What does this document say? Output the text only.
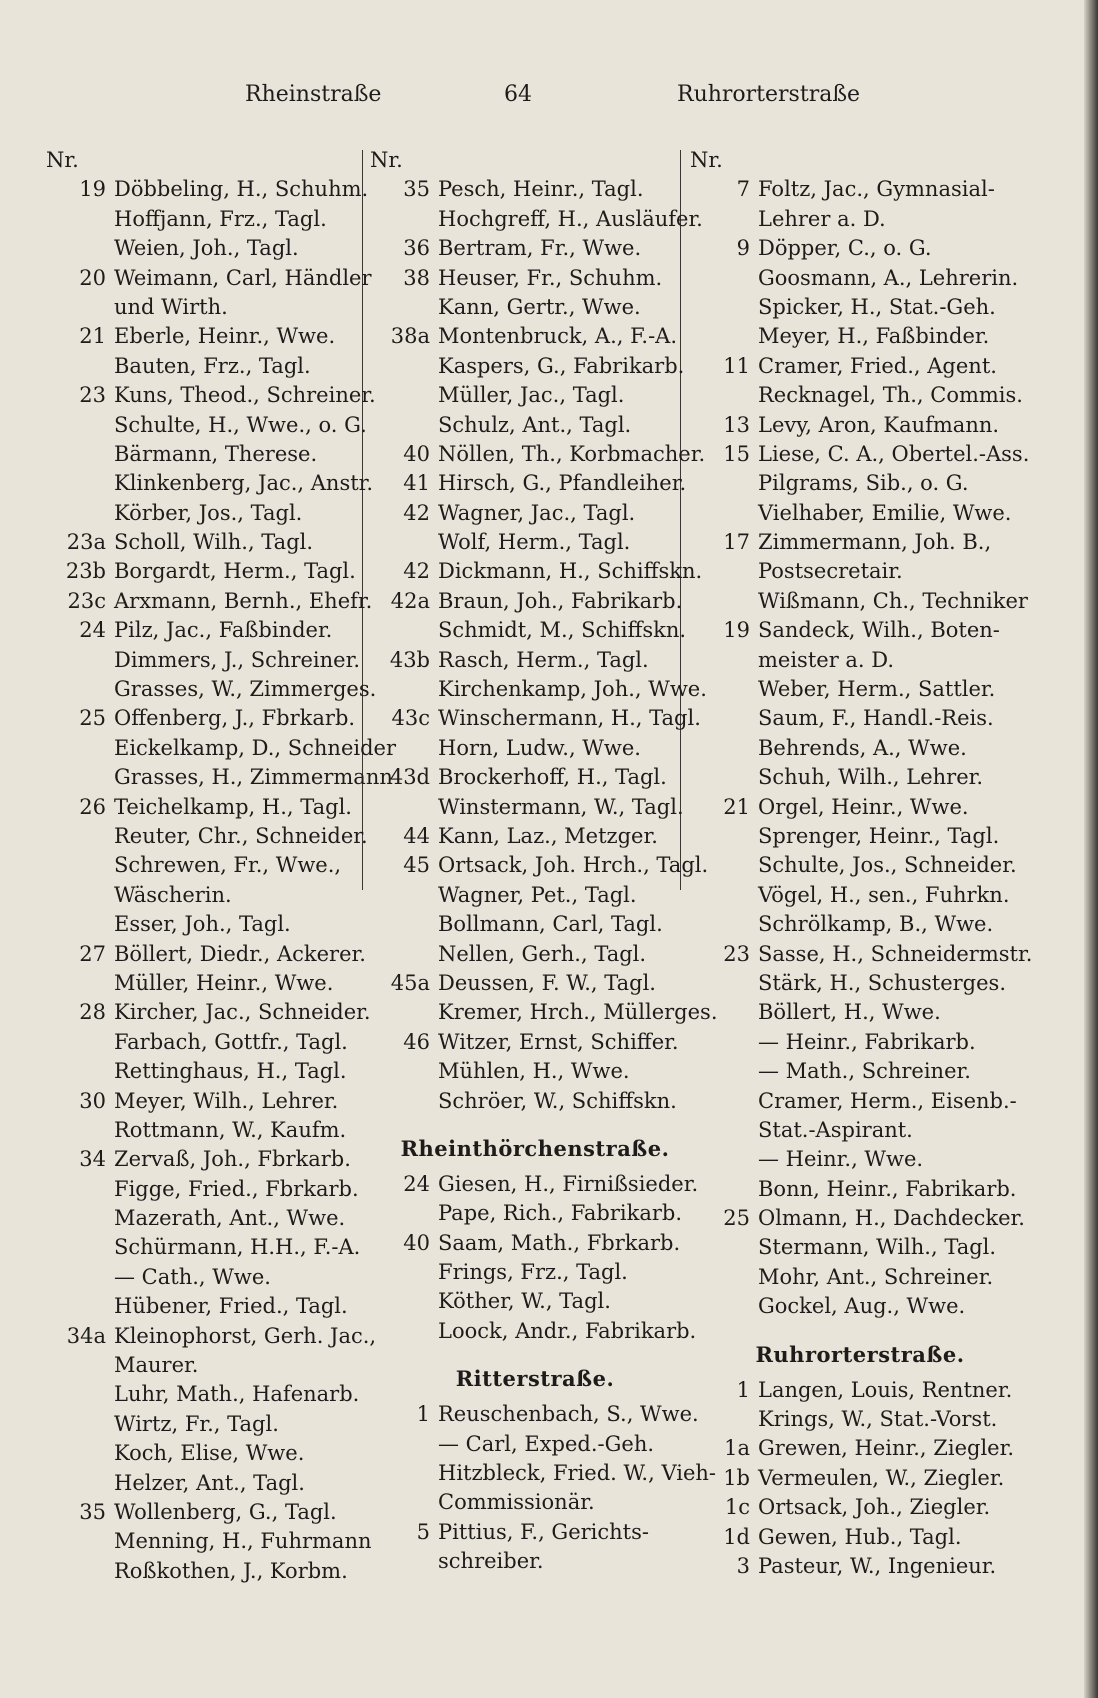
Rheinstraße	64	Ruhrorterstraße
Nr.
19 Döbbeling, H., Schuhm.
Hoffjann, Frz., Tagl.
Weien, Joh., Tagl.
20 Weimann, Carl, Händler
und Wirth.
21 Eberle, Heinr., Wwe.
Bauten, Frz., Tagl.
23 Kuns, Theod., Schreiner.
Schulte, H., Wwe., o. G.
Bärmann, Therese.
Klinkenberg, Jac., Anstr.
Körber, Jos., Tagl.
23a Scholl, Wilh., Tagl.
23b Borgardt, Herm., Tagl.
23c Arxmann, Bernh., Ehefr.
24 Pilz, Jac., Faßbinder.
Dimmers, J., Schreiner.
Grasses, W., Zimmerges.
25 Offenberg, J., Fbrkarb.
Eickelkamp, D., Schneider
Grasses, H., Zimmermann
26 Teichelkamp, H., Tagl.
Reuter, Chr., Schneider.
Schrewen, Fr., Wwe.,
Wäscherin.
Esser, Joh., Tagl.
27 Böllert, Diedr., Ackerer.
Müller, Heinr., Wwe.
28 Kircher, Jac., Schneider.
Farbach, Gottfr., Tagl.
Rettinghaus, H., Tagl.
30 Meyer, Wilh., Lehrer.
Rottmann, W., Kaufm.
34 Zervaß, Joh., Fbrkarb.
Figge, Fried., Fbrkarb.
Mazerath, Ant., Wwe.
Schürmann, H.H., F.-A.
— Cath., Wwe.
Hübener, Fried., Tagl.
34a Kleinophorst, Gerh. Jac.,
Maurer.
Luhr, Math., Hafenarb.
Wirtz, Fr., Tagl.
Koch, Elise, Wwe.
Helzer, Ant., Tagl.
35 Wollenberg, G., Tagl.
Menning, H., Fuhrmann
Roßkothen, J., Korbm.
Nr.
35 Pesch, Heinr., Tagl.
Hochgreff, H., Ausläufer.
36 Bertram, Fr., Wwe.
38 Heuser, Fr., Schuhm.
Kann, Gertr., Wwe.
38a Montenbruck, A., F.-A.
Kaspers, G., Fabrikarb.
Müller, Jac., Tagl.
Schulz, Ant., Tagl.
40 Nöllen, Th., Korbmacher.
41 Hirsch, G., Pfandleiher.
42 Wagner, Jac., Tagl.
Wolf, Herm., Tagl.
42 Dickmann, H., Schiffskn.
42a Braun, Joh., Fabrikarb.
Schmidt, M., Schiffskn.
43b Rasch, Herm., Tagl.
Kirchenkamp, Joh., Wwe.
43c Winschermann, H., Tagl.
Horn, Ludw., Wwe.
43d Brockerhoff, H., Tagl.
Winstermann, W., Tagl.
44 Kann, Laz., Metzger.
45 Ortsack, Joh. Hrch., Tagl.
Wagner, Pet., Tagl.
Bollmann, Carl, Tagl.
Nellen, Gerh., Tagl.
45a Deussen, F. W., Tagl.
Kremer, Hrch., Müllerges.
46 Witzer, Ernst, Schiffer.
Mühlen, H., Wwe.
Schröer, W., Schiffskn.
Rheinthörchenstraße.
24 Giesen, H., Firnißsieder.
Pape, Rich., Fabrikarb.
40 Saam, Math., Fbrkarb.
Frings, Frz., Tagl.
Köther, W., Tagl.
Loock, Andr., Fabrikarb.
Ritterstraße.
1 Reuschenbach, S., Wwe.
— Carl, Exped.-Geh.
Hitzbleck, Fried. W., Vieh-
Commissionär.
5 Pittius, F., Gerichts-
schreiber.
Nr.
7 Foltz, Jac., Gymnasial-
Lehrer a. D.
9 Döpper, C., o. G.
Goosmann, A., Lehrerin.
Spicker, H., Stat.-Geh.
Meyer, H., Faßbinder.
11 Cramer, Fried., Agent.
Recknagel, Th., Commis.
13 Levy, Aron, Kaufmann.
15 Liese, C. A., Obertel.-Ass.
Pilgrams, Sib., o. G.
Vielhaber, Emilie, Wwe.
17 Zimmermann, Joh. B.,
Postsecretair.
Wißmann, Ch., Techniker
19 Sandeck, Wilh., Boten-
meister a. D.
Weber, Herm., Sattler.
Saum, F., Handl.-Reis.
Behrends, A., Wwe.
Schuh, Wilh., Lehrer.
21 Orgel, Heinr., Wwe.
Sprenger, Heinr., Tagl.
Schulte, Jos., Schneider.
Vögel, H., sen., Fuhrkn.
Schrölkamp, B., Wwe.
23 Sasse, H., Schneidermstr.
Stärk, H., Schusterges.
Böllert, H., Wwe.
— Heinr., Fabrikarb.
— Math., Schreiner.
Cramer, Herm., Eisenb.-
Stat.-Aspirant.
— Heinr., Wwe.
Bonn, Heinr., Fabrikarb.
25 Olmann, H., Dachdecker.
Stermann, Wilh., Tagl.
Mohr, Ant., Schreiner.
Gockel, Aug., Wwe.
Ruhrorterstraße.
1 Langen, Louis, Rentner.
Krings, W., Stat.-Vorst.
1a Grewen, Heinr., Ziegler.
1b Vermeulen, W., Ziegler.
1c Ortsack, Joh., Ziegler.
1d Gewen, Hub., Tagl.
3 Pasteur, W., Ingenieur.
